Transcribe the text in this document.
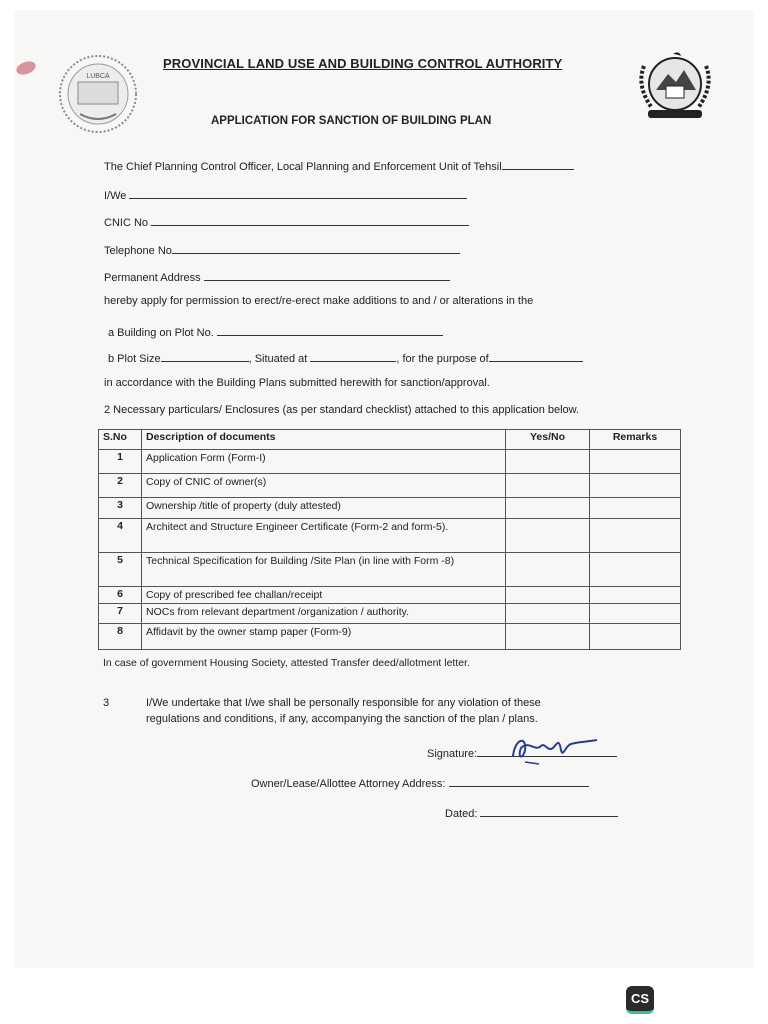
LUBCA
PROVINCIAL LAND USE AND BUILDING CONTROL AUTHORITY
APPLICATION FOR SANCTION OF BUILDING PLAN
The Chief Planning Control Officer, Local Planning and Enforcement Unit of Tehsil
I/We
CNIC No
Telephone No
Permanent Address
hereby apply for permission to erect/re-erect make additions to and / or alterations in the
a Building on Plot No.
b Plot Size	, Situated at	, for the purpose of
in accordance with the Building Plans submitted herewith for sanction/approval.
2 Necessary particulars/ Enclosures (as per standard checklist) attached to this application below.
S.No	Description of documents	Yes/No	Remarks
1	Application Form (Form-I)		
2	Copy of CNIC of owner(s)		
3	Ownership /title of property (duly attested)		
4	Architect and Structure Engineer Certificate (Form-2 and form-5).		
5	Technical Specification for Building /Site Plan (in line with Form -8)		
6	Copy of prescribed fee challan/receipt		
7	NOCs from relevant department /organization / authority.		
8	Affidavit by the owner stamp paper (Form-9)		
In case of government Housing Society, attested Transfer deed/allotment letter.
3	I/We undertake that I/we shall be personally responsible for any violation of these
regulations and conditions, if any, accompanying the sanction of the plan / plans.
Signature:
Owner/Lease/Allottee Attorney Address:
Dated:
CS
